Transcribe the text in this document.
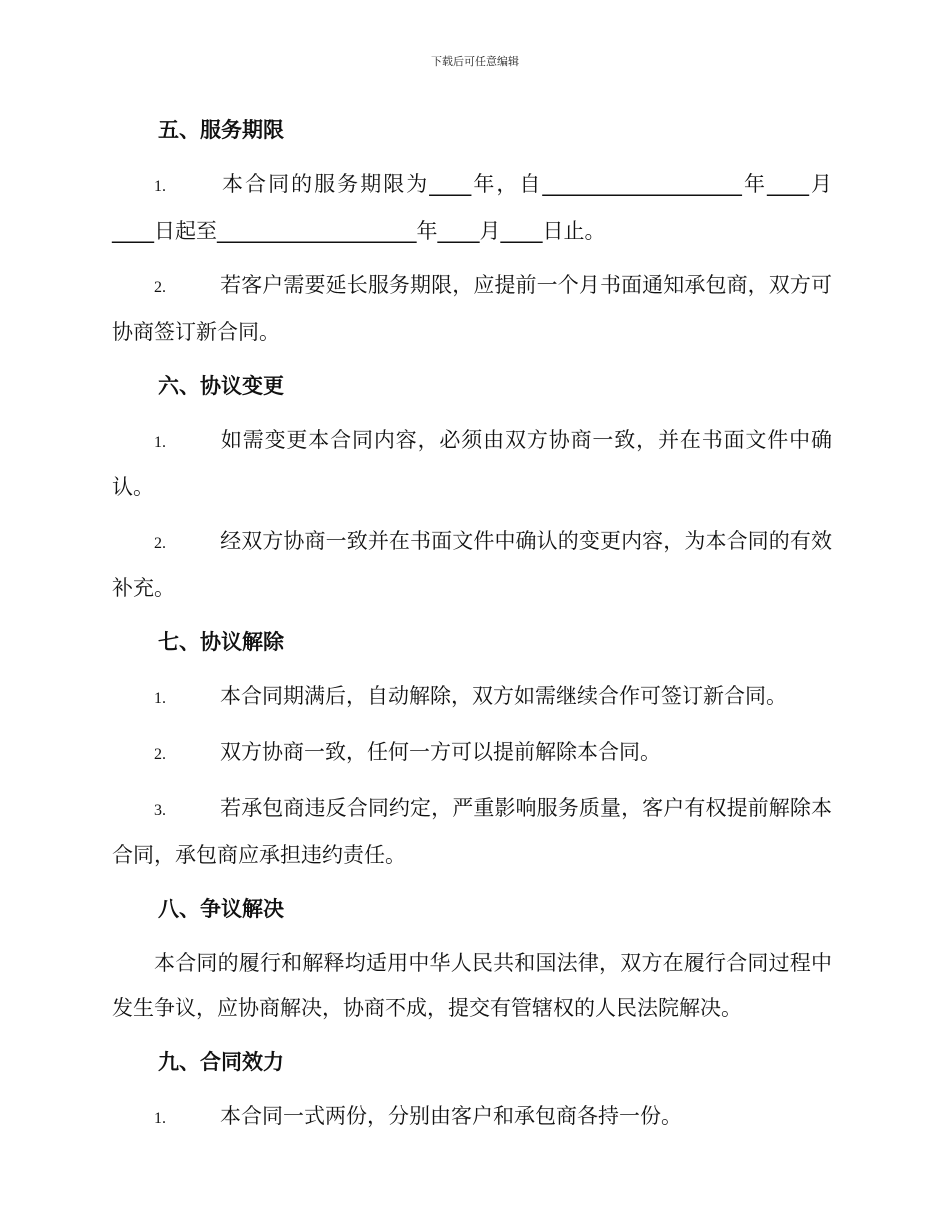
下载后可任意编辑

五、服务期限

1.	本合同的服务期限为____年，自___________________年____月____日起至___________________年____月____日止。

2.	若客户需要延长服务期限，应提前一个月书面通知承包商，双方可协商签订新合同。

六、协议变更

1.	如需变更本合同内容，必须由双方协商一致，并在书面文件中确认。

2.	经双方协商一致并在书面文件中确认的变更内容，为本合同的有效补充。

七、协议解除

1.	本合同期满后，自动解除，双方如需继续合作可签订新合同。

2.	双方协商一致，任何一方可以提前解除本合同。

3.	若承包商违反合同约定，严重影响服务质量，客户有权提前解除本合同，承包商应承担违约责任。

八、争议解决

本合同的履行和解释均适用中华人民共和国法律，双方在履行合同过程中发生争议，应协商解决，协商不成，提交有管辖权的人民法院解决。

九、合同效力

1.	本合同一式两份，分别由客户和承包商各持一份。
